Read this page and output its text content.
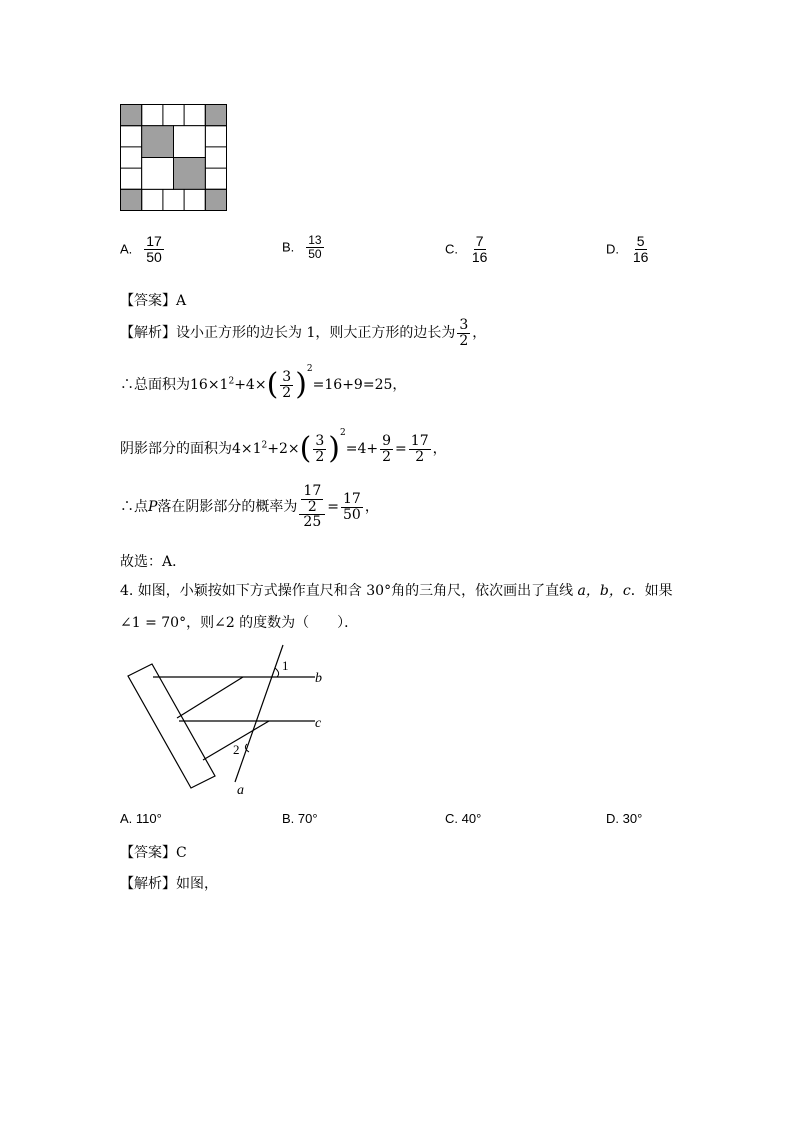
A. $\frac{17}{50}$	B. $\frac{13}{50}$	C. $\frac{7}{16}$	D. $\frac{5}{16}$
【答案】A
【解析】设小正方形的边长为 1，则大正方形的边长为 $\frac{3}{2}$ ，
∴总面积为$16\times 1^2+4\times( \frac{3}{2} )^2=16+9=25$，
阴影部分的面积为$4\times 1^2+2\times( \frac{3}{2} )^2=4+ \frac{9}{2} = \frac{17}{2}$ ，
∴点P落在阴影部分的概率为 $\frac{\frac{17}{2}}{25} = \frac{17}{50}$ ，
故选：A．
4. 如图，小颖按如下方式操作直尺和含 30°角的三角尺，依次画出了直线 a，b，c．如果
∠1 = 70°，则∠2 的度数为（　　）．
1
2
b
c
a
A. 110°	B. 70°	C. 40°	D. 30°
【答案】C
【解析】如图，
